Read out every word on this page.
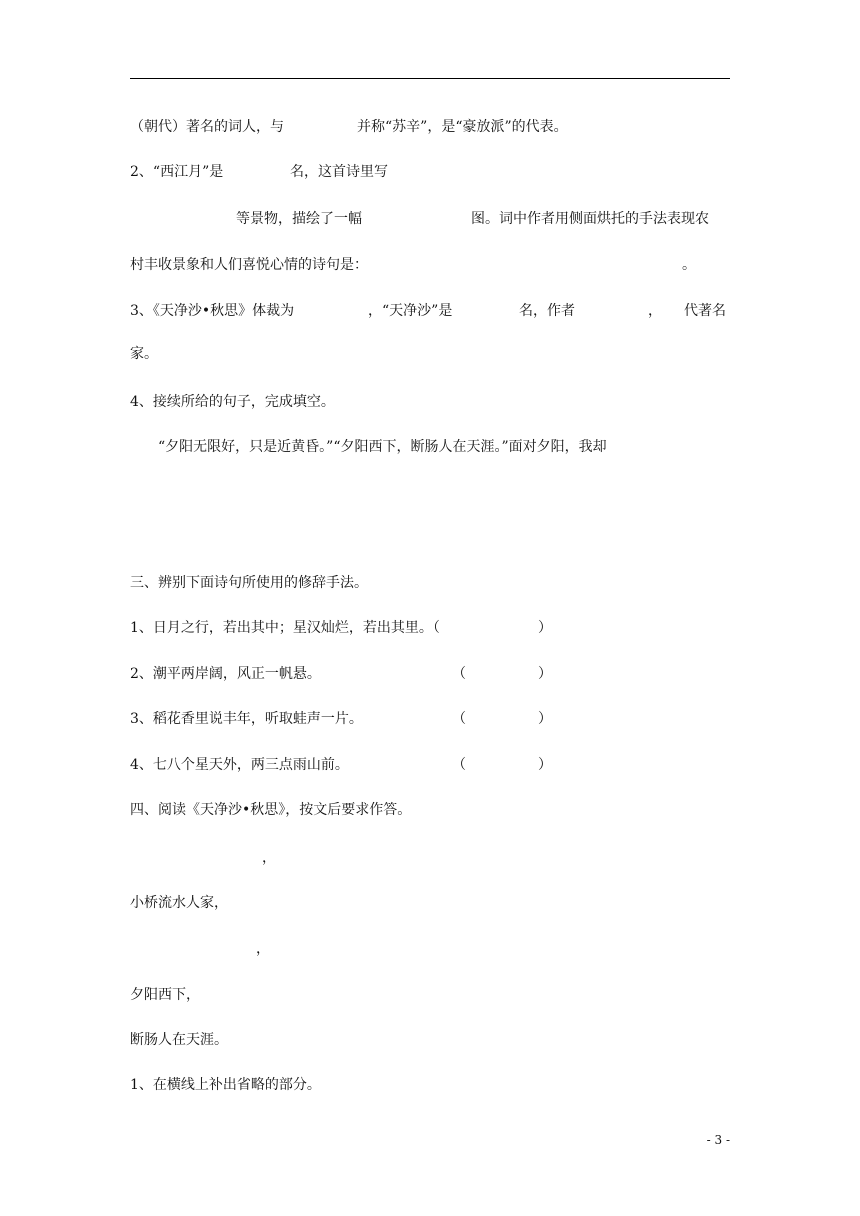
（朝代）著名的词人，与	并称“苏辛”，是“豪放派”的代表。
2、“西江月”是	名，这首诗里写
等景物，描绘了一幅	图。词中作者用侧面烘托的手法表现农
村丰收景象和人们喜悦心情的诗句是：	。
3、《天净沙•秋思》体裁为	，“天净沙”是	名，作者	， 代著名
家。
4、接续所给的句子，完成填空。
“夕阳无限好，只是近黄昏。”“夕阳西下，断肠人在天涯。”面对夕阳，我却
三、辨别下面诗句所使用的修辞手法。
1、日月之行，若出其中；星汉灿烂，若出其里。（	）
2、潮平两岸阔，风正一帆悬。	（	）
3、稻花香里说丰年，听取蛙声一片。	（	）
4、七八个星天外，两三点雨山前。	（	）
四、阅读《天净沙•秋思》，按文后要求作答。
，
小桥流水人家，
，
夕阳西下，
断肠人在天涯。
1、在横线上补出省略的部分。
- 3 -
